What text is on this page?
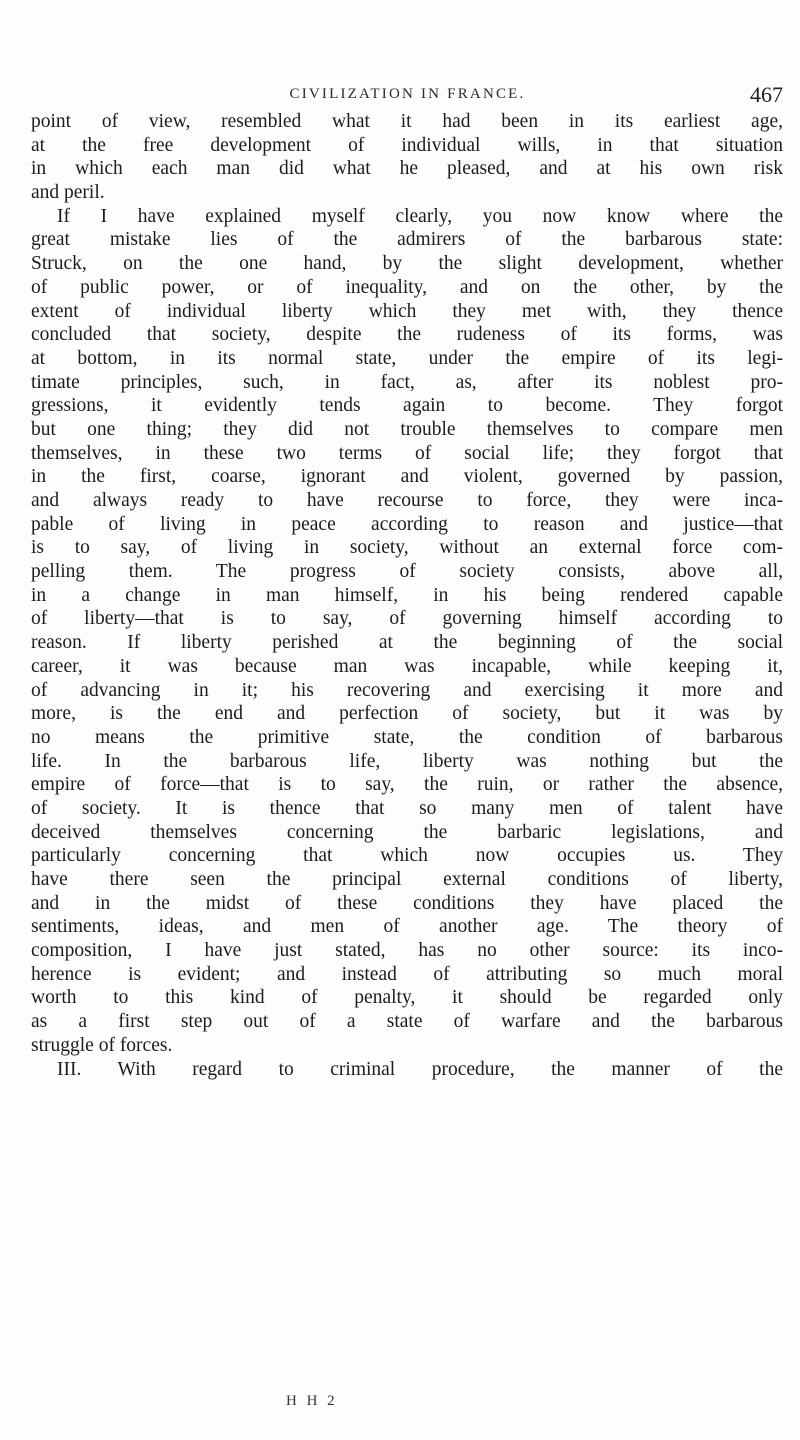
CIVILIZATION IN FRANCE.	467
point of view, resembled what it had been in its earliest age,
at the free development of individual wills, in that situation
in which each man did what he pleased, and at his own risk
and peril.
If I have explained myself clearly, you now know where the
great mistake lies of the admirers of the barbarous state:
Struck, on the one hand, by the slight development, whether
of public power, or of inequality, and on the other, by the
extent of individual liberty which they met with, they thence
concluded that society, despite the rudeness of its forms, was
at bottom, in its normal state, under the empire of its legi-
timate principles, such, in fact, as, after its noblest pro-
gressions, it evidently tends again to become. They forgot
but one thing; they did not trouble themselves to compare men
themselves, in these two terms of social life; they forgot that
in the first, coarse, ignorant and violent, governed by passion,
and always ready to have recourse to force, they were inca-
pable of living in peace according to reason and justice—that
is to say, of living in society, without an external force com-
pelling them. The progress of society consists, above all,
in a change in man himself, in his being rendered capable
of liberty—that is to say, of governing himself according to
reason. If liberty perished at the beginning of the social
career, it was because man was incapable, while keeping it,
of advancing in it; his recovering and exercising it more and
more, is the end and perfection of society, but it was by
no means the primitive state, the condition of barbarous
life. In the barbarous life, liberty was nothing but the
empire of force—that is to say, the ruin, or rather the absence,
of society. It is thence that so many men of talent have
deceived themselves concerning the barbaric legislations, and
particularly concerning that which now occupies us. They
have there seen the principal external conditions of liberty,
and in the midst of these conditions they have placed the
sentiments, ideas, and men of another age. The theory of
composition, I have just stated, has no other source: its inco-
herence is evident; and instead of attributing so much moral
worth to this kind of penalty, it should be regarded only
as a first step out of a state of warfare and the barbarous
struggle of forces.
III. With regard to criminal procedure, the manner of the
H H 2
